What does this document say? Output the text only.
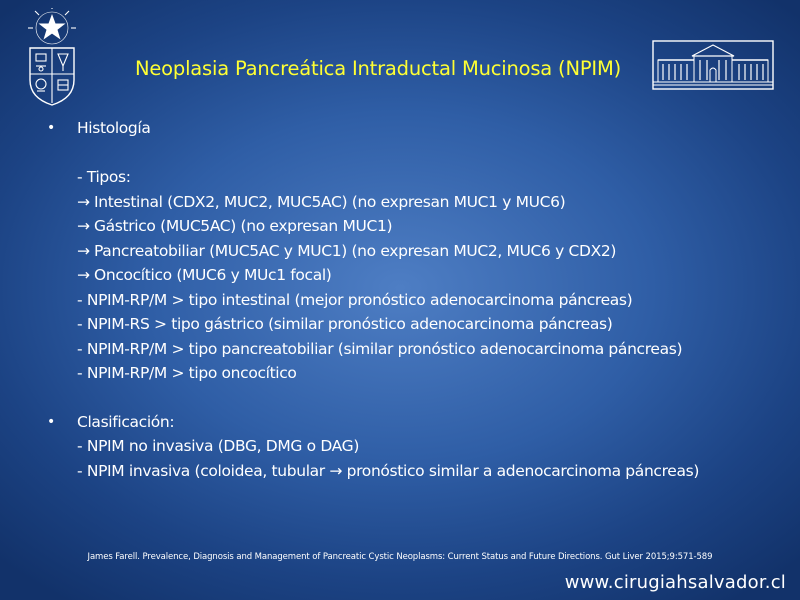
Neoplasia Pancreática Intraductal Mucinosa (NPIM)
• Histología
- Tipos:
→ Intestinal (CDX2, MUC2, MUC5AC) (no expresan MUC1 y MUC6)
→ Gástrico (MUC5AC) (no expresan MUC1)
→ Pancreatobiliar (MUC5AC y MUC1) (no expresan MUC2, MUC6 y CDX2)
→ Oncocítico (MUC6 y MUc1 focal)
- NPIM-RP/M > tipo intestinal (mejor pronóstico adenocarcinoma páncreas)
- NPIM-RS > tipo gástrico (similar pronóstico adenocarcinoma páncreas)
- NPIM-RP/M > tipo pancreatobiliar (similar pronóstico adenocarcinoma páncreas)
- NPIM-RP/M > tipo oncocítico
• Clasificación:
- NPIM no invasiva (DBG, DMG o DAG)
- NPIM invasiva (coloidea, tubular → pronóstico similar a adenocarcinoma páncreas)
James Farell. Prevalence, Diagnosis and Management of Pancreatic Cystic Neoplasms: Current Status and Future Directions. Gut Liver 2015;9:571-589
www.cirugiahsalvador.cl
